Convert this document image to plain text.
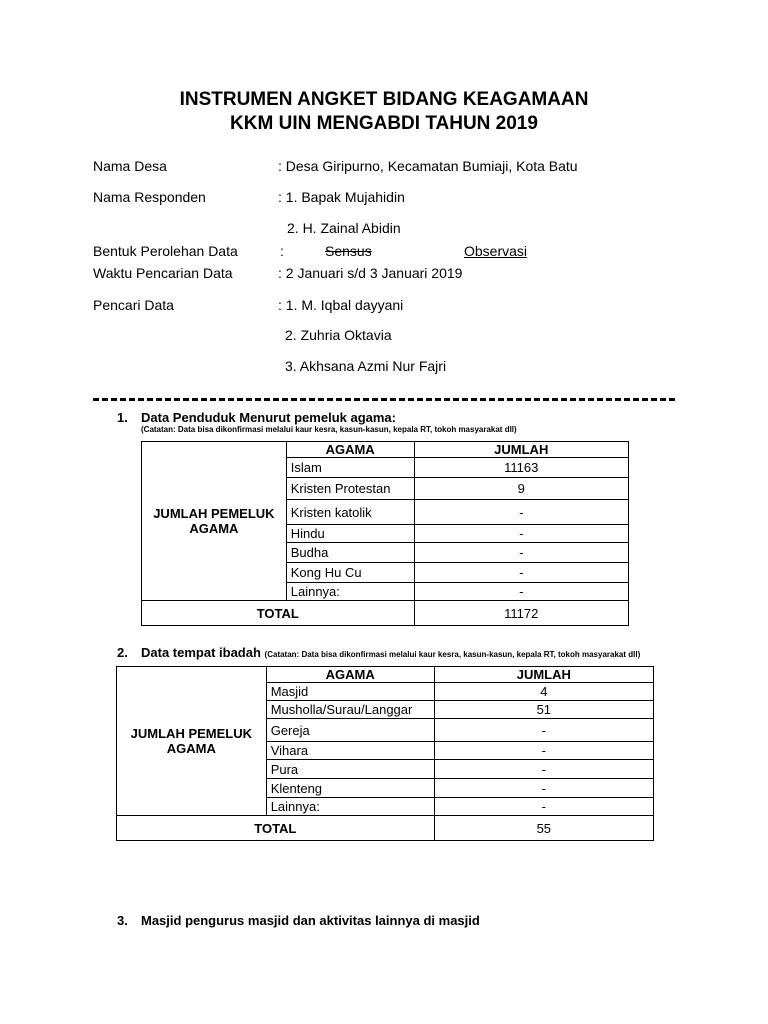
INSTRUMEN ANGKET BIDANG KEAGAMAAN
KKM UIN MENGABDI TAHUN 2019
Nama Desa	: Desa Giripurno, Kecamatan Bumiaji, Kota Batu
Nama Responden	: 1. Bapak Mujahidin
2. H. Zainal Abidin
Bentuk Perolehan Data	:	Sensus	Observasi
Waktu Pencarian Data	: 2 Januari s/d 3 Januari 2019
Pencari Data	: 1. M. Iqbal dayyani
2. Zuhria Oktavia
3. Akhsana Azmi Nur Fajri
1. Data Penduduk Menurut pemeluk agama:
(Catatan: Data bisa dikonfirmasi melalui kaur kesra, kasun-kasun, kepala RT, tokoh masyarakat dll)
JUMLAH PEMELUK AGAMA	AGAMA	JUMLAH
	Islam	11163
	Kristen Protestan	9
	Kristen katolik	-
	Hindu	-
	Budha	-
	Kong Hu Cu	-
	Lainnya:	-
TOTAL		11172
2. Data tempat ibadah (Catatan: Data bisa dikonfirmasi melalui kaur kesra, kasun-kasun, kepala RT, tokoh masyarakat dll)
JUMLAH PEMELUK AGAMA	AGAMA	JUMLAH
	Masjid	4
	Musholla/Surau/Langgar	51
	Gereja	-
	Vihara	-
	Pura	-
	Klenteng	-
	Lainnya:	-
TOTAL		55
3. Masjid pengurus masjid dan aktivitas lainnya di masjid
